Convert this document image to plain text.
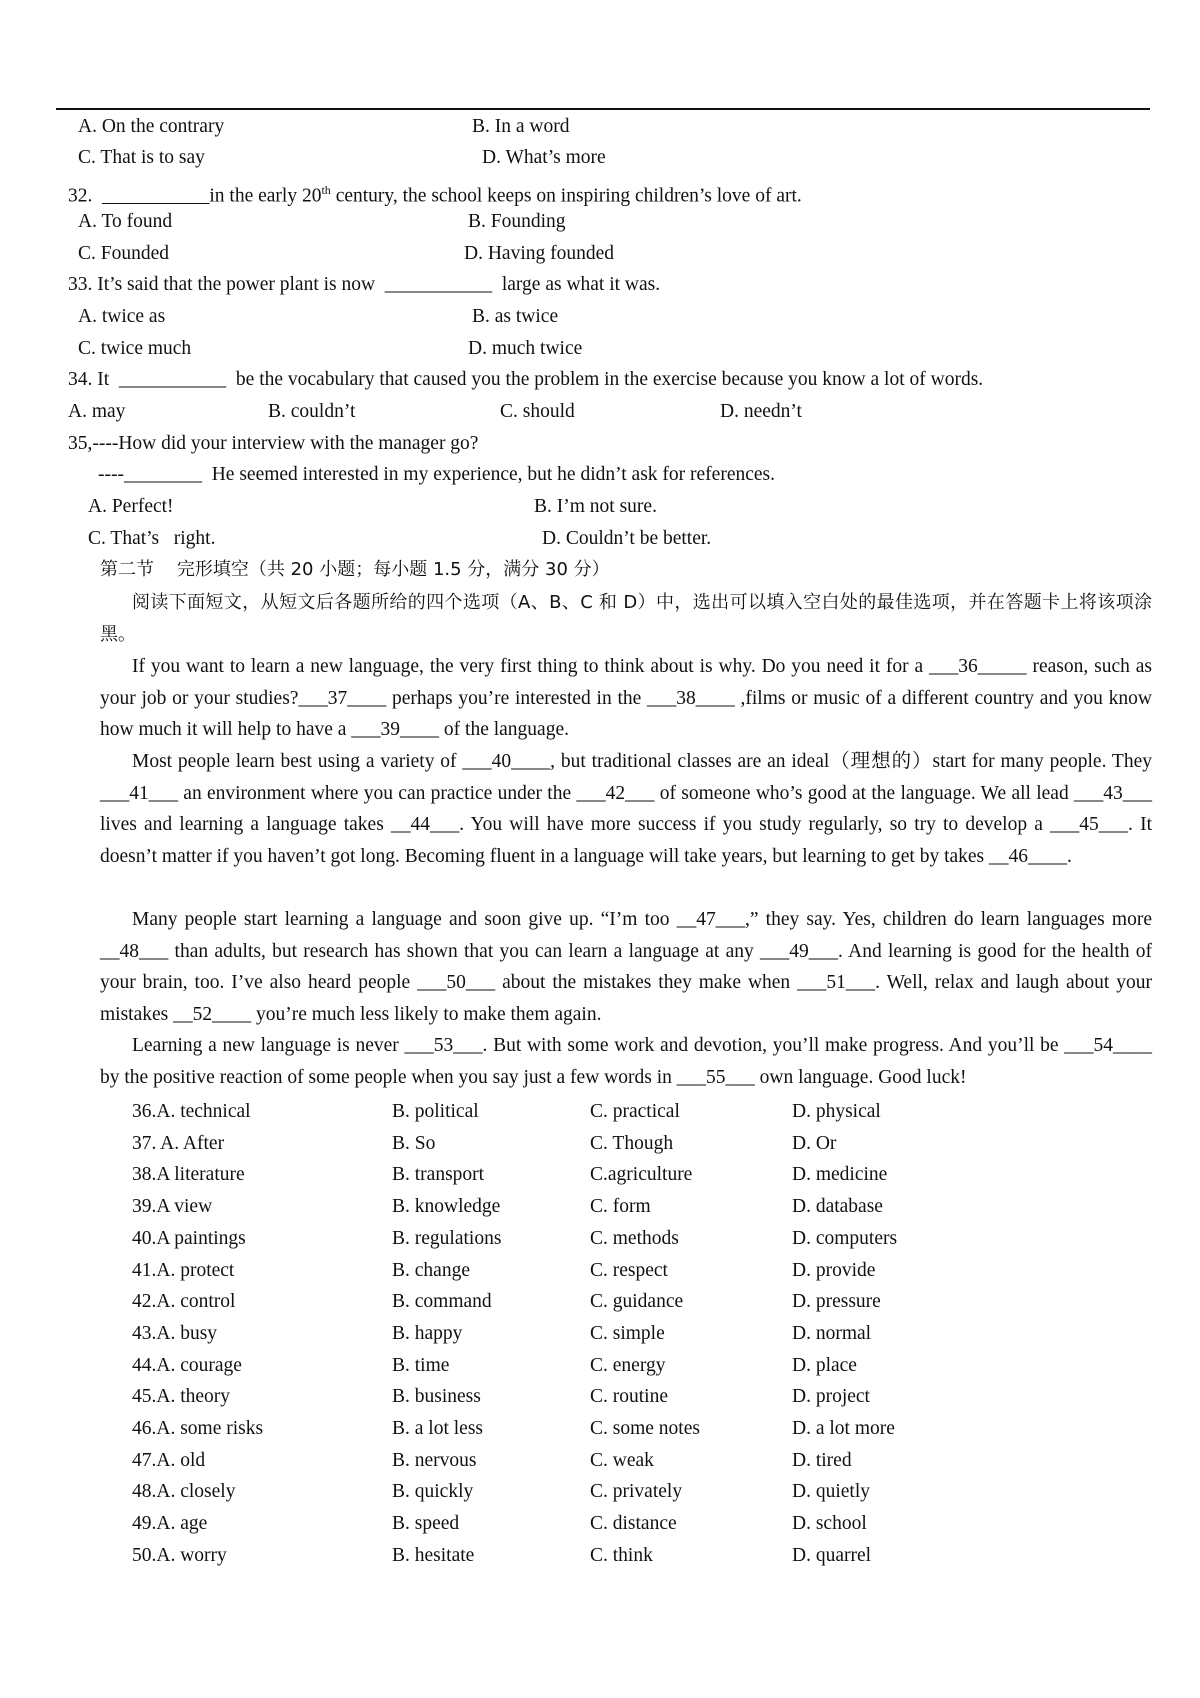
A. On the contrary	B. In a word
C. That is to say	D. What’s more
32.  ___________in the early 20th century, the school keeps on inspiring children’s love of art.
A. To found	B. Founding
C. Founded	D. Having founded
33. It’s said that the power plant is now  ___________  large as what it was.
A. twice as	B. as twice
C. twice much	D. much twice
34. It  ___________  be the vocabulary that caused you the problem in the exercise because you know a lot of words.
A. may	B. couldn’t	C. should	D. needn’t
35,----How did your interview with the manager go?
----________  He seemed interested in my experience, but he didn’t ask for references.
A. Perfect!	B. I’m not sure.
C. That’s   right.	D. Couldn’t be better.
第二节    完形填空（共 20 小题；每小题 1.5 分，满分 30 分）
阅读下面短文，从短文后各题所给的四个选项（A、B、C 和 D）中，选出可以填入空白处的最佳选项，并在答题卡上将该项涂黑。
If you want to learn a new language, the very first thing to think about is why. Do you need it for a ___36_____ reason, such as your job or your studies?___37____ perhaps you’re interested in the ___38____ ,films or music of a different country and you know how much it will help to have a ___39____ of the language.
Most people learn best using a variety of ___40____, but traditional classes are an ideal（理想的）start for many people. They ___41___ an environment where you can practice under the ___42___ of someone who’s good at the language. We all lead ___43___ lives and learning a language takes __44___. You will have more success if you study regularly, so try to develop a ___45___. It doesn’t matter if you haven’t got long. Becoming fluent in a language will take years, but learning to get by takes __46____.
Many people start learning a language and soon give up. “I’m too __47___,” they say. Yes, children do learn languages more __48___ than adults, but research has shown that you can learn a language at any ___49___. And learning is good for the health of your brain, too. I’ve also heard people ___50___ about the mistakes they make when ___51___. Well, relax and laugh about your mistakes __52____ you’re much less likely to make them again.
Learning a new language is never ___53___. But with some work and devotion, you’ll make progress. And you’ll be ___54____ by the positive reaction of some people when you say just a few words in ___55___ own language. Good luck!
36.A. technical	B. political	C. practical	D. physical
37. A. After	B. So	C. Though	D. Or
38.A literature	B. transport	C.agriculture	D. medicine
39.A view	B. knowledge	C. form	D. database
40.A paintings	B. regulations	C. methods	D. computers
41.A. protect	B. change	C. respect	D. provide
42.A. control	B. command	C. guidance	D. pressure
43.A. busy	B. happy	C. simple	D. normal
44.A. courage	B. time	C. energy	D. place
45.A. theory	B. business	C. routine	D. project
46.A. some risks	B. a lot less	C. some notes	D. a lot more
47.A. old	B. nervous	C. weak	D. tired
48.A. closely	B. quickly	C. privately	D. quietly
49.A. age	B. speed	C. distance	D. school
50.A. worry	B. hesitate	C. think	D. quarrel
